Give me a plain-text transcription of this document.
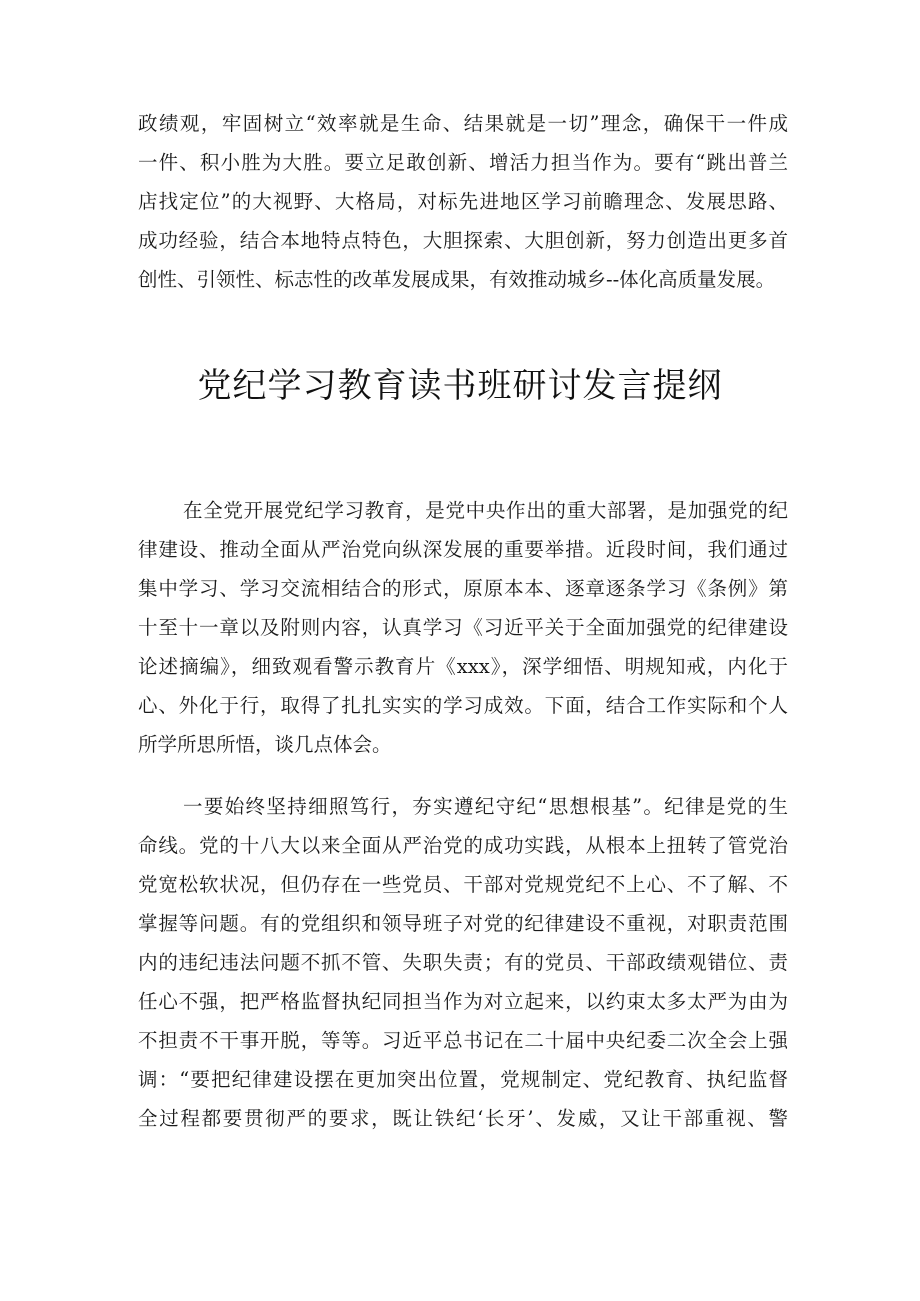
政绩观，牢固树立“效率就是生命、结果就是一切”理念，确保干一件成
一件、积小胜为大胜。要立足敢创新、增活力担当作为。要有“跳出普兰
店找定位”的大视野、大格局，对标先进地区学习前瞻理念、发展思路、
成功经验，结合本地特点特色，大胆探索、大胆创新，努力创造出更多首
创性、引领性、标志性的改革发展成果，有效推动城乡--体化高质量发展。
党纪学习教育读书班研讨发言提纲
在全党开展党纪学习教育，是党中央作出的重大部署，是加强党的纪
律建设、推动全面从严治党向纵深发展的重要举措。近段时间，我们通过
集中学习、学习交流相结合的形式，原原本本、逐章逐条学习《条例》第
十至十一章以及附则内容，认真学习《习近平关于全面加强党的纪律建设
论述摘编》，细致观看警示教育片《xxx》，深学细悟、明规知戒，内化于
心、外化于行，取得了扎扎实实的学习成效。下面，结合工作实际和个人
所学所思所悟，谈几点体会。
一要始终坚持细照笃行，夯实遵纪守纪“思想根基”。纪律是党的生
命线。党的十八大以来全面从严治党的成功实践，从根本上扭转了管党治
党宽松软状况，但仍存在一些党员、干部对党规党纪不上心、不了解、不
掌握等问题。有的党组织和领导班子对党的纪律建设不重视，对职责范围
内的违纪违法问题不抓不管、失职失责；有的党员、干部政绩观错位、责
任心不强，把严格监督执纪同担当作为对立起来，以约束太多太严为由为
不担责不干事开脱，等等。习近平总书记在二十届中央纪委二次全会上强
调：“要把纪律建设摆在更加突出位置，党规制定、党纪教育、执纪监督
全过程都要贯彻严的要求，既让铁纪‘长牙’、发威，又让干部重视、警
